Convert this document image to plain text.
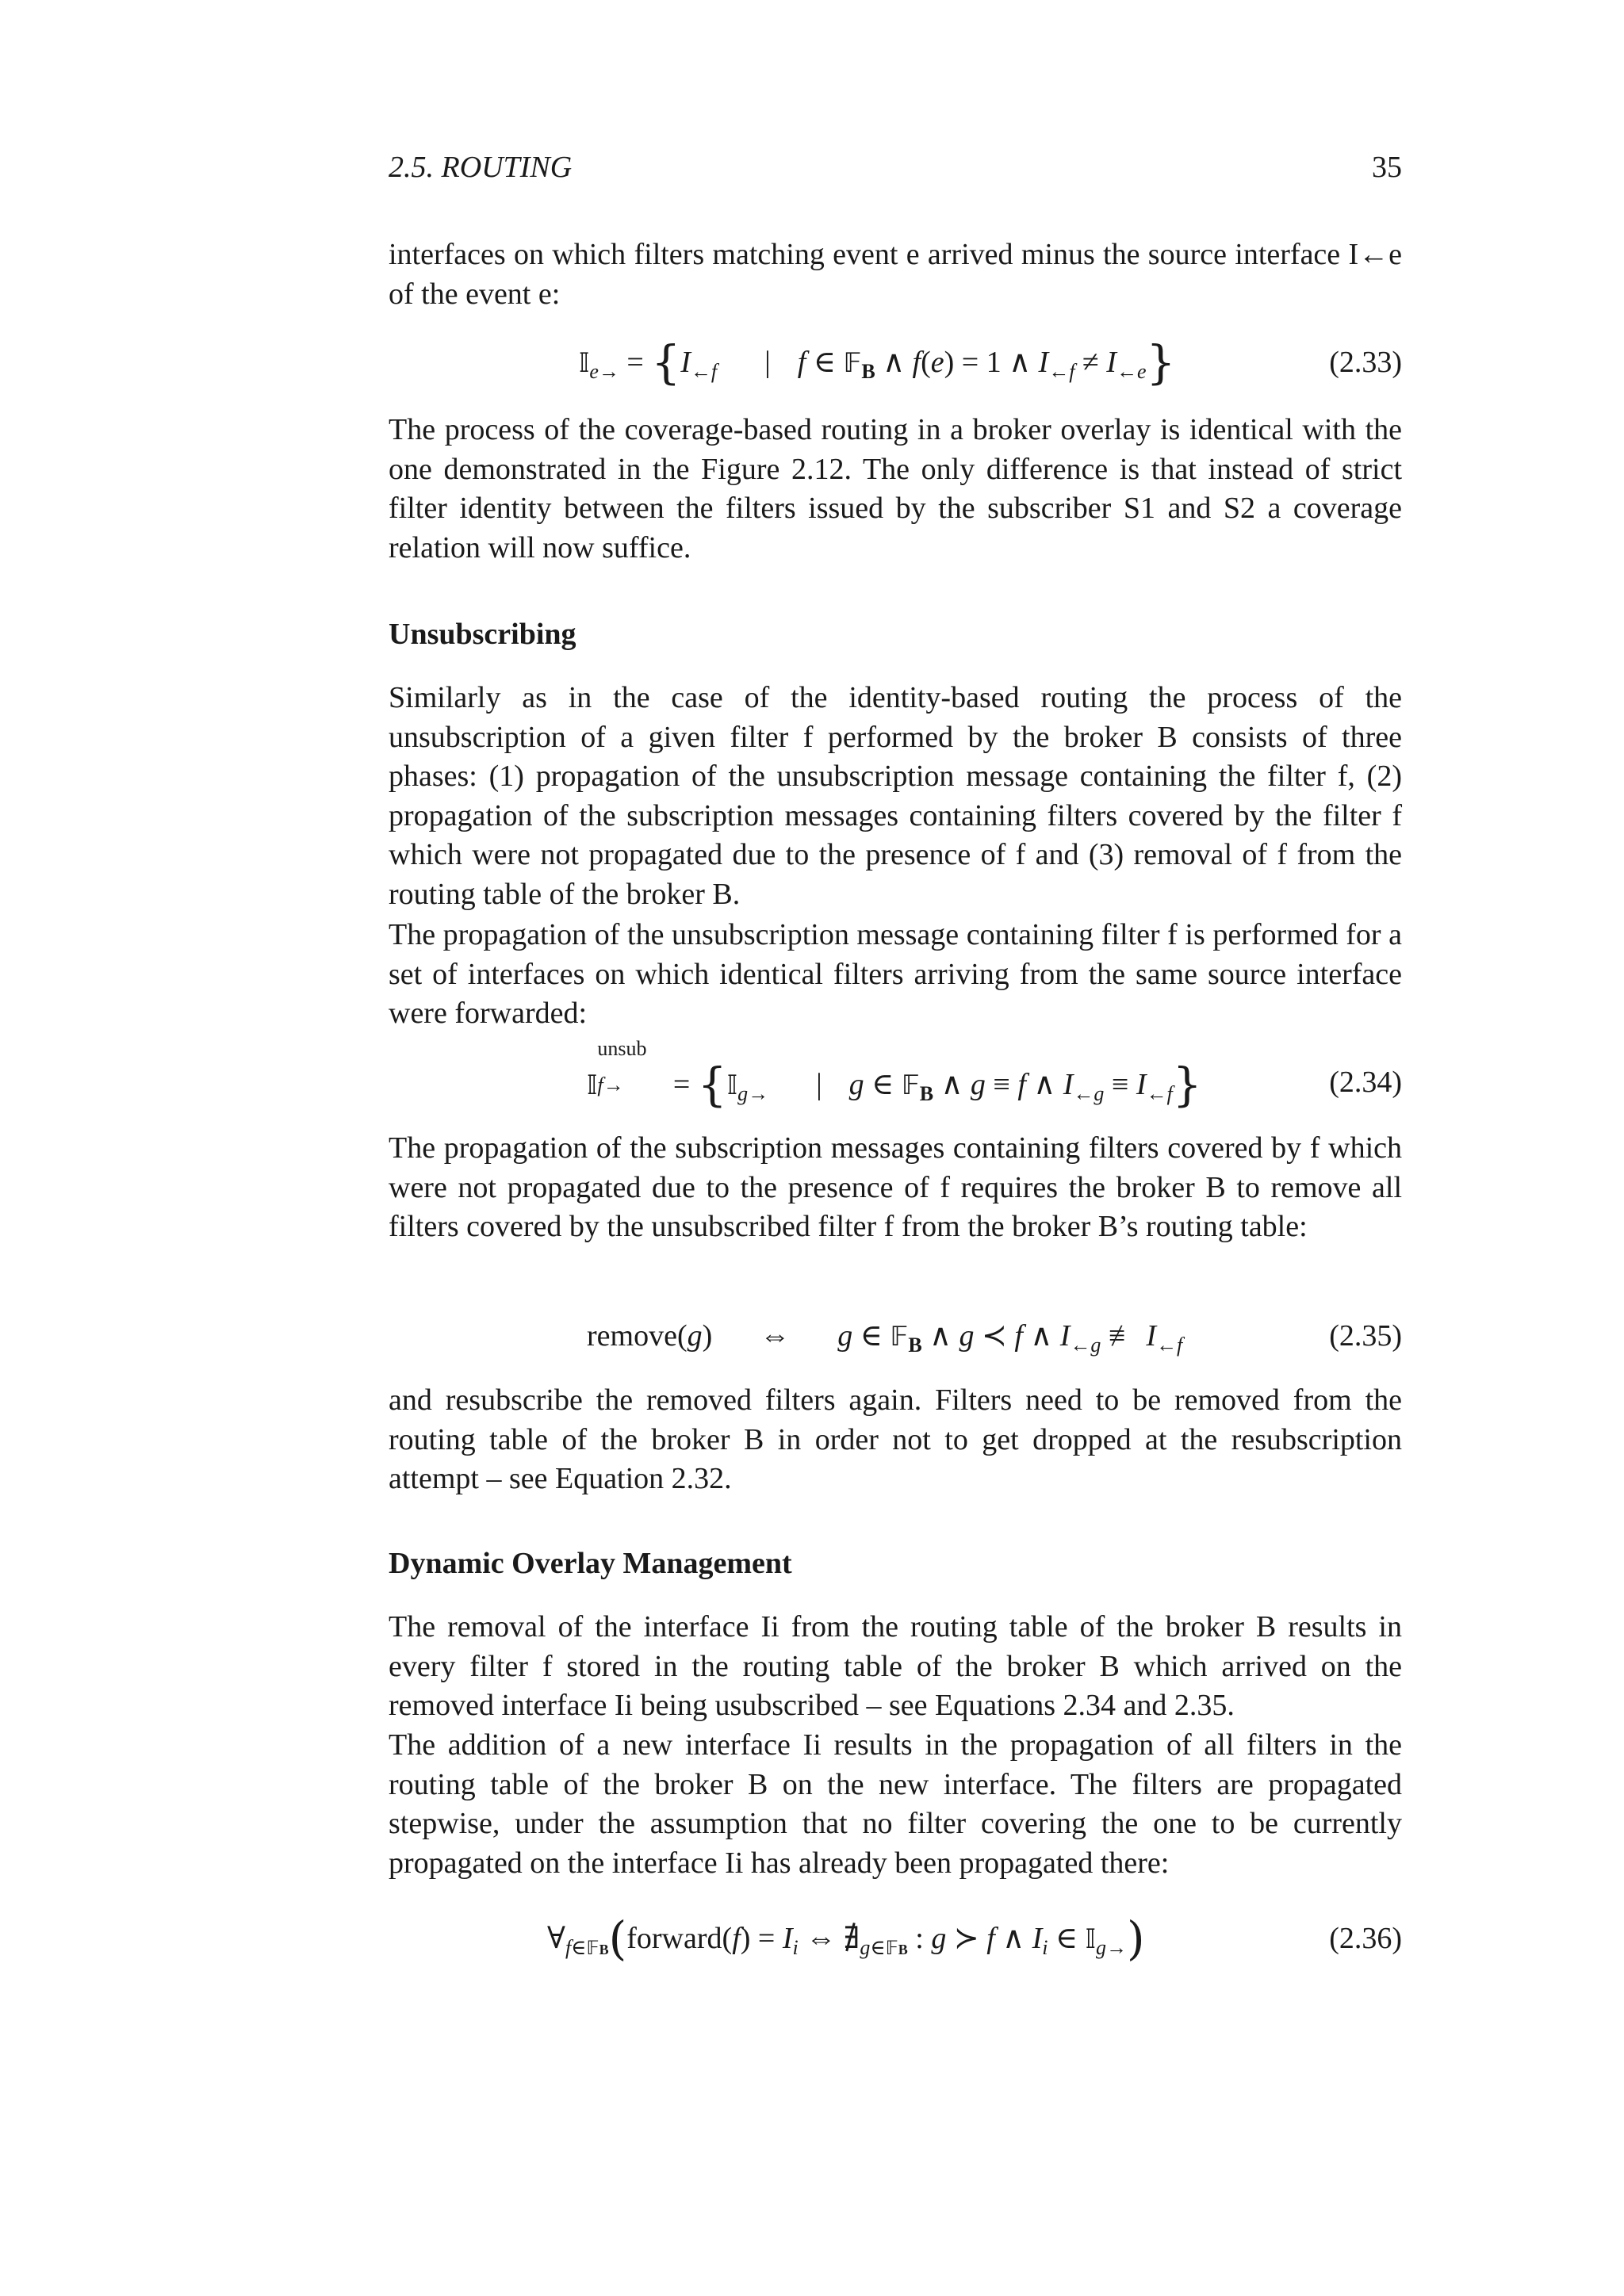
2.5. ROUTING	35
interfaces on which filters matching event e arrived minus the source interface I←e of the event e:
𝕀$_{e\to}$ = {$I_{\leftarrow f}$ | f ∈ 𝔽$_B$ ∧ f(e) = 1 ∧ $I_{\leftarrow f} \ne I_{\leftarrow e}$}	(2.33)
The process of the coverage-based routing in a broker overlay is identical with the one demonstrated in the Figure 2.12. The only difference is that instead of strict filter identity between the filters issued by the subscriber S1 and S2 a coverage relation will now suffice.
Unsubscribing
Similarly as in the case of the identity-based routing the process of the unsubscription of a given filter f performed by the broker B consists of three phases: (1) propagation of the unsubscription message containing the filter f, (2) propagation of the subscription messages containing filters covered by the filter f which were not propagated due to the presence of f and (3) removal of f from the routing table of the broker B.
The propagation of the unsubscription message containing filter f is performed for a set of interfaces on which identical filters arriving from the same source interface were forwarded:
𝕀
unsub
f→ = {𝕀$_{g\to}$ | g ∈ 𝔽$_B$ ∧ g ≡ f ∧ $I_{\leftarrow g} \equiv I_{\leftarrow f}$}	(2.34)
The propagation of the subscription messages containing filters covered by f which were not propagated due to the presence of f requires the broker B to remove all filters covered by the unsubscribed filter f from the broker B’s routing table:
remove(g) ⇔ g ∈ 𝔽$_B$ ∧ g ≺ f ∧ $I_{\leftarrow g}$ ≢ $I_{\leftarrow f}$	(2.35)
and resubscribe the removed filters again. Filters need to be removed from the routing table of the broker B in order not to get dropped at the resubscription attempt – see Equation 2.32.
Dynamic Overlay Management
The removal of the interface Ii from the routing table of the broker B results in every filter f stored in the routing table of the broker B which arrived on the removed interface Ii being usubscribed – see Equations 2.34 and 2.35.
The addition of a new interface Ii results in the propagation of all filters in the routing table of the broker B on the new interface. The filters are propagated stepwise, under the assumption that no filter covering the one to be currently propagated on the interface Ii has already been propagated there:
$\forall_{f\in 𝔽B}(forward(f) = I_i$ ⇔ $∄_{g\in 𝔽B}$ : g ≻ f ∧ $I_i$ ∈ 𝕀$_{g\to}$)	(2.36)
